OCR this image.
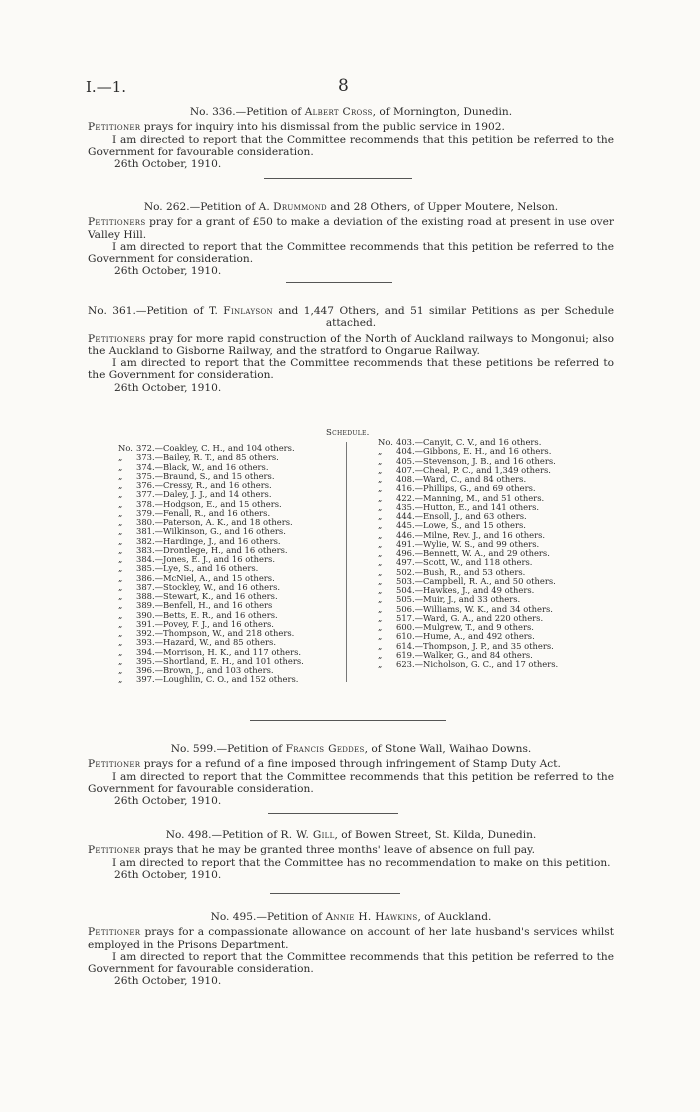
I.—1.	8
No. 336.—Petition of Albert Cross, of Mornington, Dunedin.

Petitioner prays for inquiry into his dismissal from the public service in 1902.

I am directed to report that the Committee recommends that this petition be referred to the Government for favourable consideration.

26th October, 1910.

No. 262.—Petition of A. Drummond and 28 Others, of Upper Moutere, Nelson.

Petitioners pray for a grant of £50 to make a deviation of the existing road at present in use over Valley Hill.

I am directed to report that the Committee recommends that this petition be referred to the Government for consideration.

26th October, 1910.

No. 361.—Petition of T. Finlayson and 1,447 Others, and 51 similar Petitions as per Schedule attached.

Petitioners pray for more rapid construction of the North of Auckland railways to Mongonui; also the Auckland to Gisborne Railway, and the stratford to Ongarue Railway.

I am directed to report that the Committee recommends that these petitions be referred to the Government for consideration.

26th October, 1910.

Schedule.
No. 372.—Coakley, C. H., and 104 others.
„	373.—Bailey, R. T., and 85 others.
„	374.—Black, W., and 16 others.
„	375.—Braund, S., and 15 others.
„	376.—Cressy, R., and 16 others.
„	377.—Daley, J. J., and 14 others.
„	378.—Hodgson, E., and 15 others.
„	379.—Fenall, R., and 16 others.
„	380.—Paterson, A. K., and 18 others.
„	381.—Wilkinson, G., and 16 others.
„	382.—Hardinge, J., and 16 others.
„	383.—Drontlege, H., and 16 others.
„	384.—Jones, E. J., and 16 others.
„	385.—Lye, S., and 16 others.
„	386.—McNiel, A., and 15 others.
„	387.—Stockley, W., and 16 others.
„	388.—Stewart, K., and 16 others.
„	389.—Benfell, H., and 16 others
„	390.—Betts, E. R., and 16 others.
„	391.—Povey, F. J., and 16 others.
„	392.—Thompson, W., and 218 others.
„	393.—Hazard, W., and 85 others.
„	394.—Morrison, H. K., and 117 others.
„	395.—Shortland, E. H., and 101 others.
„	396.—Brown, J., and 103 others.
„	397.—Loughlin, C. O., and 152 others.
No. 403.—Canyit, C. V., and 16 others.
„	404.—Gibbons, E. H., and 16 others.
„	405.—Stevenson, J. B., and 16 others.
„	407.—Cheal, P. C., and 1,349 others.
„	408.—Ward, C., and 84 others.
„	416.—Phillips, G., and 69 others.
„	422.—Manning, M., and 51 others.
„	435.—Hutton, E., and 141 others.
„	444.—Ensoll, J., and 63 others.
„	445.—Lowe, S., and 15 others.
„	446.—Milne, Rev. J., and 16 others.
„	491.—Wylie, W. S., and 99 others.
„	496.—Bennett, W. A., and 29 others.
„	497.—Scott, W., and 118 others.
„	502.—Bush, R., and 53 others.
„	503.—Campbell, R. A., and 50 others.
„	504.—Hawkes, J., and 49 others.
„	505.—Muir, J., and 33 others.
„	506.—Williams, W. K., and 34 others.
„	517.—Ward, G. A., and 220 others.
„	600.—Mulgrew, T., and 9 others.
„	610.—Hume, A., and 492 others.
„	614.—Thompson, J. P., and 35 others.
„	619.—Walker, G., and 84 others.
„	623.—Nicholson, G. C., and 17 others.
No. 599.—Petition of Francis Geddes, of Stone Wall, Waihao Downs.

Petitioner prays for a refund of a fine imposed through infringement of Stamp Duty Act.

I am directed to report that the Committee recommends that this petition be referred to the Government for favourable consideration.

26th October, 1910.

No. 498.—Petition of R. W. Gill, of Bowen Street, St. Kilda, Dunedin.

Petitioner prays that he may be granted three months' leave of absence on full pay.

I am directed to report that the Committee has no recommendation to make on this petition.

26th October, 1910.

No. 495.—Petition of Annie H. Hawkins, of Auckland.

Petitioner prays for a compassionate allowance on account of her late husband's services whilst employed in the Prisons Department.

I am directed to report that the Committee recommends that this petition be referred to the Government for favourable consideration.

26th October, 1910.
